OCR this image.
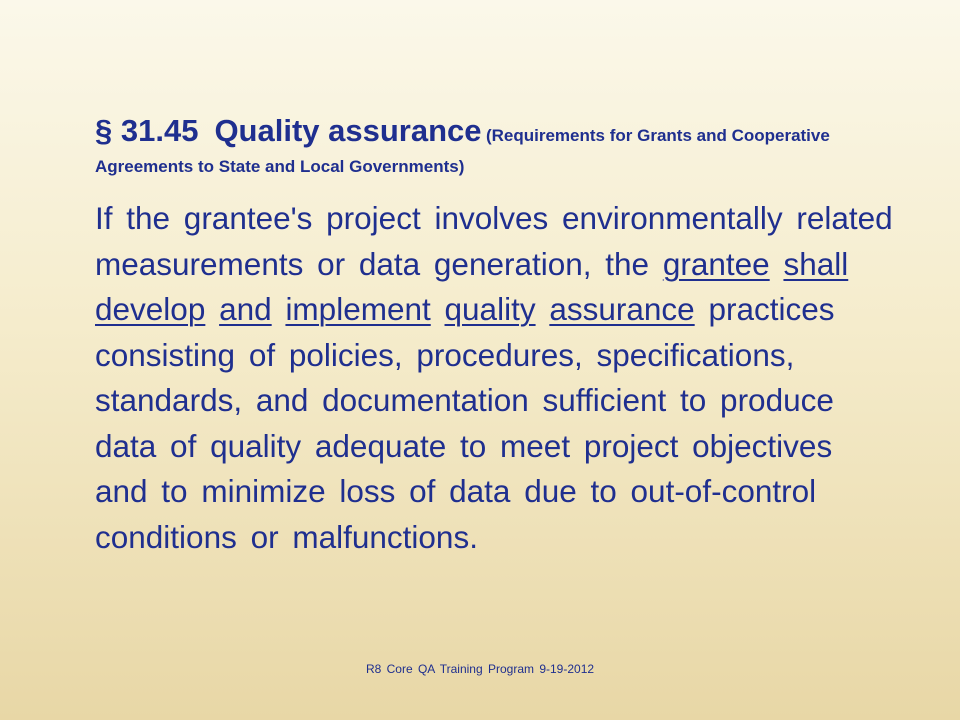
§ 31.45 Quality assurance (Requirements for Grants and Cooperative Agreements to State and Local Governments)
If the grantee's project involves environmentally related measurements or data generation, the grantee shall develop and implement quality assurance practices consisting of policies, procedures, specifications, standards, and documentation sufficient to produce data of quality adequate to meet project objectives and to minimize loss of data due to out-of-control conditions or malfunctions.
R8 Core QA Training Program 9-19-2012
